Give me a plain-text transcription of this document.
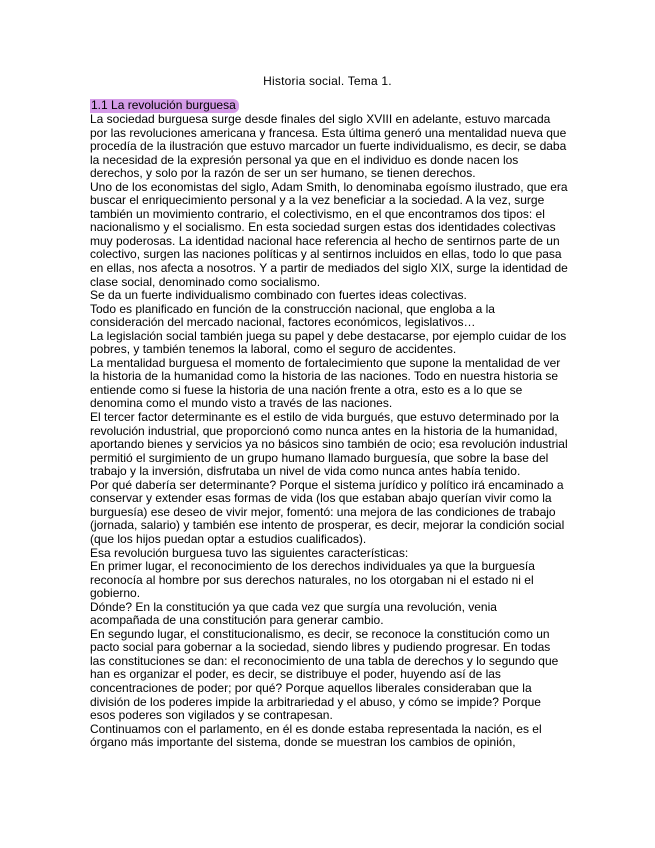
Historia social. Tema 1.
1.1 La revolución burguesa

La sociedad burguesa surge desde finales del siglo XVIII en adelante, estuvo marcada por las revoluciones americana y francesa. Esta última generó una mentalidad nueva que procedía de la ilustración que estuvo marcador un fuerte individualismo, es decir, se daba la necesidad de la expresión personal ya que en el individuo es donde nacen los derechos, y solo por la razón de ser un ser humano, se tienen derechos.

Uno de los economistas del siglo, Adam Smith, lo denominaba egoísmo ilustrado, que era buscar el enriquecimiento personal y a la vez beneficiar a la sociedad. A la vez, surge también un movimiento contrario, el colectivismo, en el que encontramos dos tipos: el nacionalismo y el socialismo. En esta sociedad surgen estas dos identidades colectivas muy poderosas. La identidad nacional hace referencia al hecho de sentirnos parte de un colectivo, surgen las naciones políticas y al sentirnos incluidos en ellas, todo lo que pasa en ellas, nos afecta a nosotros. Y a partir de mediados del siglo XIX, surge la identidad de clase social, denominado como socialismo.

Se da un fuerte individualismo combinado con fuertes ideas colectivas.

Todo es planificado en función de la construcción nacional, que engloba a la consideración del mercado nacional, factores económicos, legislativos…

La legislación social también juega su papel y debe destacarse, por ejemplo cuidar de los pobres, y también tenemos la laboral, como el seguro de accidentes.

La mentalidad burguesa el momento de fortalecimiento que supone la mentalidad de ver la historia de la humanidad como la historia de las naciones. Todo en nuestra historia se entiende como si fuese la historia de una nación frente a otra, esto es a lo que se denomina como el mundo visto a través de las naciones.

El tercer factor determinante es el estilo de vida burgués, que estuvo determinado por la revolución industrial, que proporcionó como nunca antes en la historia de la humanidad, aportando bienes y servicios ya no básicos sino también de ocio; esa revolución industrial permitió el surgimiento de un grupo humano llamado burguesía, que sobre la base del trabajo y la inversión, disfrutaba un nivel de vida como nunca antes había tenido.

Por qué dabería ser determinante? Porque el sistema jurídico y político irá encaminado a conservar y extender esas formas de vida (los que estaban abajo querían vivir como la burguesía) ese deseo de vivir mejor, fomentó: una mejora de las condiciones de trabajo (jornada, salario) y también ese intento de prosperar, es decir, mejorar la condición social (que los hijos puedan optar a estudios cualificados).

Esa revolución burguesa tuvo las siguientes características:

En primer lugar, el reconocimiento de los derechos individuales ya que la burguesía reconocía al hombre por sus derechos naturales, no los otorgaban ni el estado ni el gobierno.

Dónde? En la constitución ya que cada vez que surgía una revolución, venia acompañada de una constitución para generar cambio.

En segundo lugar, el constitucionalismo, es decir, se reconoce la constitución como un pacto social para gobernar a la sociedad, siendo libres y pudiendo progresar. En todas las constituciones se dan: el reconocimiento de una tabla de derechos y lo segundo que han es organizar el poder, es decir, se distribuye el poder, huyendo así de las concentraciones de poder; por qué? Porque aquellos liberales consideraban que la división de los poderes impide la arbitrariedad y el abuso, y cómo se impide? Porque esos poderes son vigilados y se contrapesan.

Continuamos con el parlamento, en él es donde estaba representada la nación, es el órgano más importante del sistema, donde se muestran los cambios de opinión,
